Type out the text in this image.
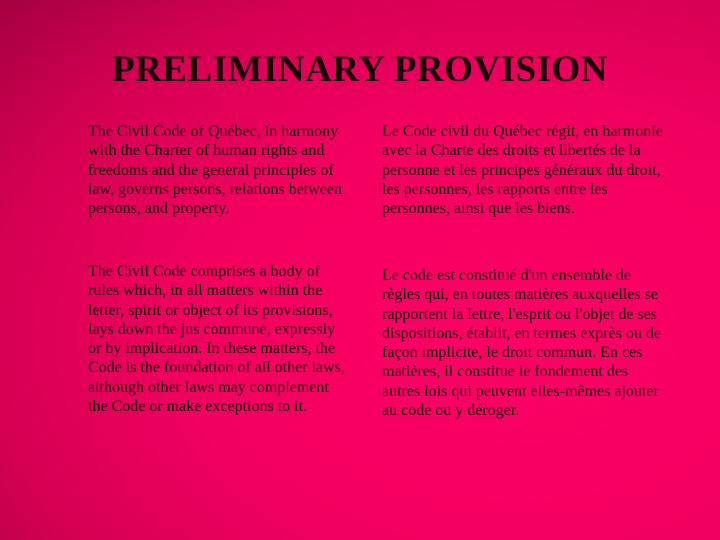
PRELIMINARY PROVISION

The Civil Code of Québec, in harmony with the Charter of human rights and freedoms and the general principles of law, governs persons, relations between persons, and property.

Le Code civil du Québec régit, en harmonie avec la Charte des droits et libertés de la personne et les principes généraux du droit, les personnes, les rapports entre les personnes, ainsi que les biens.

The Civil Code comprises a body of rules which, in all matters within the letter, spirit or object of its provisions, lays down the jus commune, expressly or by implication. In these matters, the Code is the foundation of all other laws, although other laws may complement the Code or make exceptions to it.

Le code est constitué d'un ensemble de règles qui, en toutes matières auxquelles se rapportent la lettre, l'esprit ou l'objet de ses dispositions, établit, en termes exprès ou de façon implicite, le droit commun. En ces matières, il constitue le fondement des autres lois qui peuvent elles-mêmes ajouter au code ou y déroger.
